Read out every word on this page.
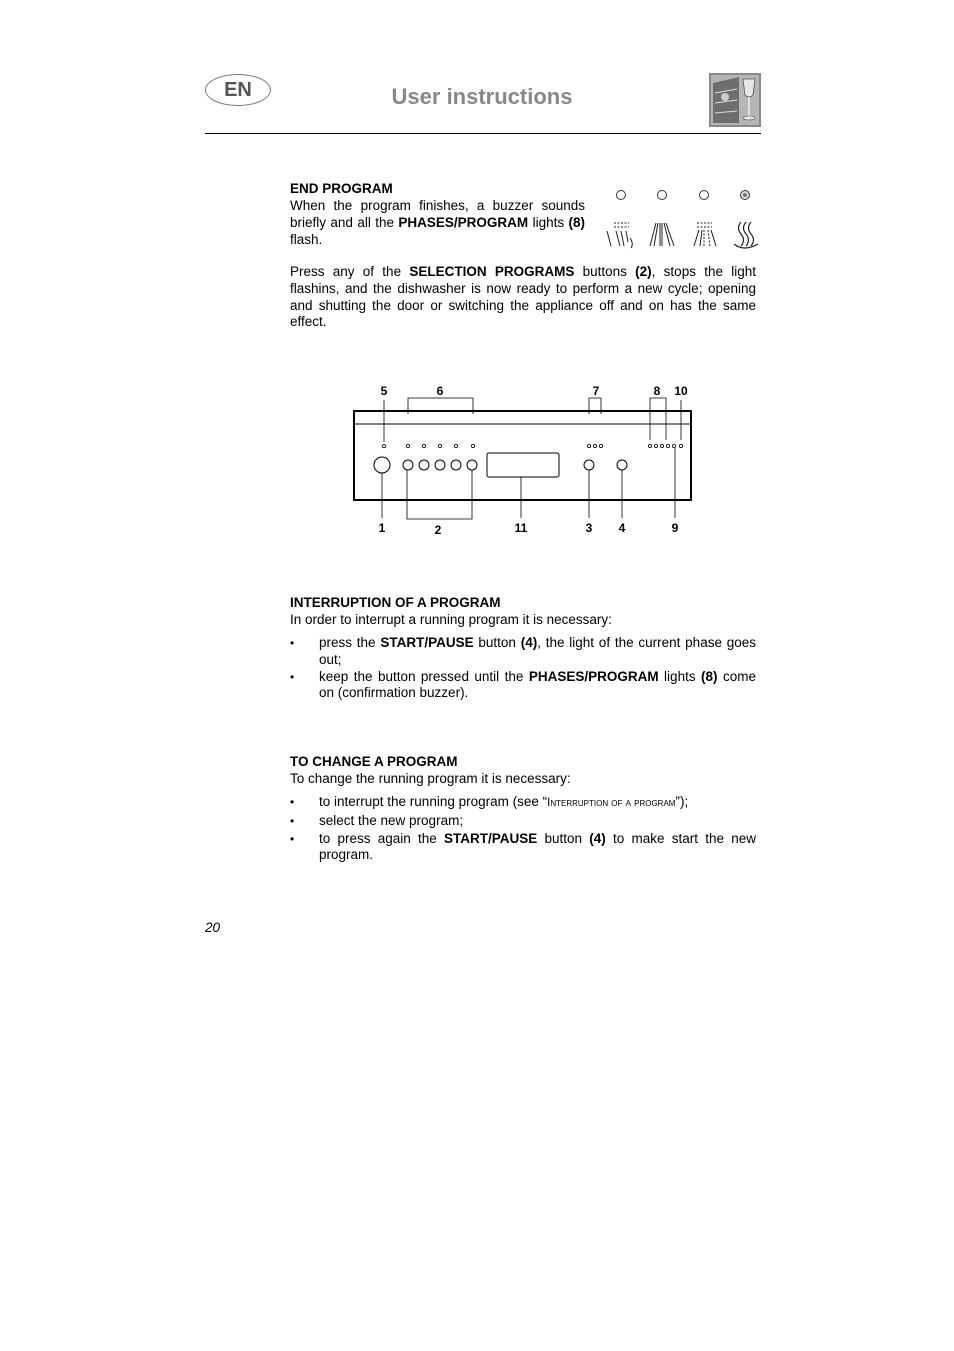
EN	User instructions
END PROGRAM
When the program finishes, a buzzer sounds briefly and all the PHASES/PROGRAM lights (8) flash.
Press any of the SELECTION PROGRAMS buttons (2), stops the light flashins, and the dishwasher is now ready to perform a new cycle; opening and shutting the door or switching the appliance off and on has the same effect.
5	6	7	8 10
1	2	11	3 4	9
INTERRUPTION OF A PROGRAM
In order to interrupt a running program it is necessary:
• press the START/PAUSE button (4), the light of the current phase goes out;
• keep the button pressed until the PHASES/PROGRAM lights (8) come on (confirmation buzzer).
TO CHANGE A PROGRAM
To change the running program it is necessary:
• to interrupt the running program (see “Interruption of a program”);
• select the new program;
• to press again the START/PAUSE button (4) to make start the new program.
20
